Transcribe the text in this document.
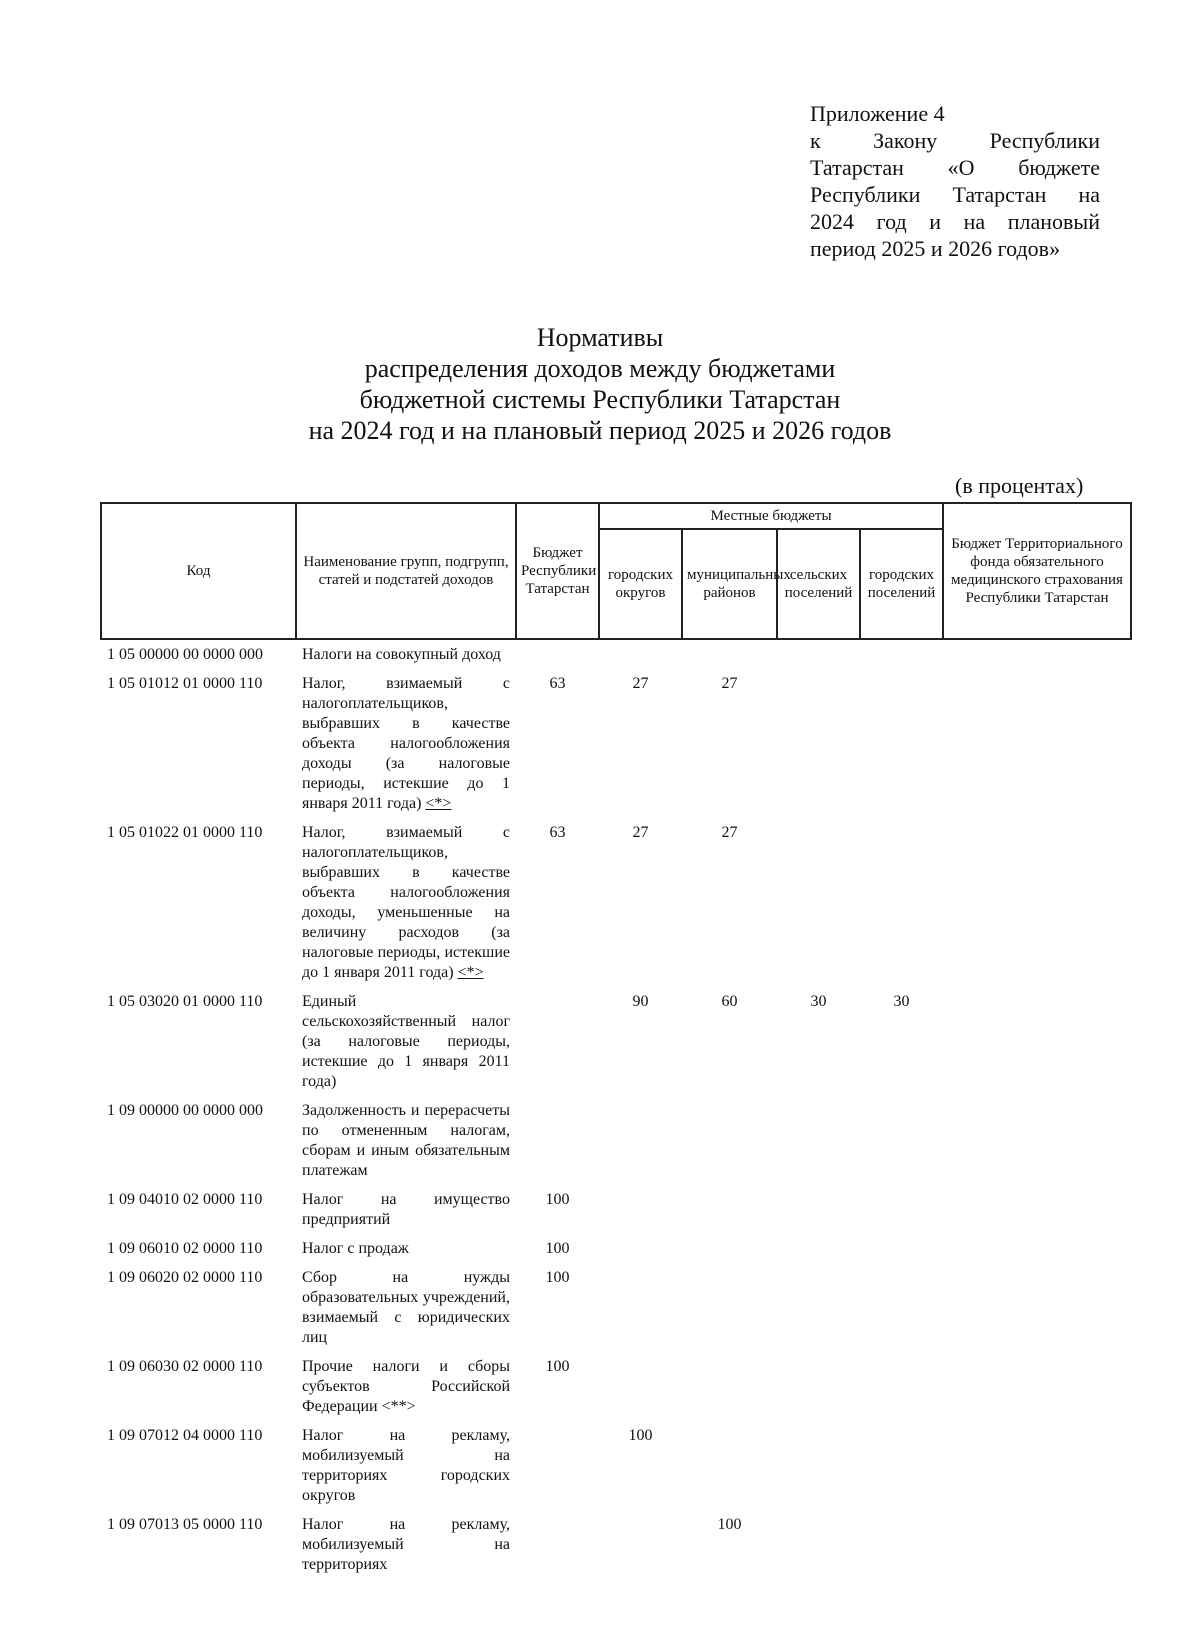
Приложение 4
к Закону Республики
Татарстан «О бюджете
Республики Татарстан на
2024 год и на плановый
период 2025 и 2026 годов»
Нормативы
распределения доходов между бюджетами
бюджетной системы Республики Татарстан
на 2024 год и на плановый период 2025 и 2026 годов
(в процентах)
Код	Наименование групп, подгрупп, статей и подстатей доходов	Бюджет Республики Татарстан	Местные бюджеты				Бюджет Территориального фонда обязательного медицинского страхования Республики Татарстан
			городских округов	муниципальных районов	сельских поселений	городских поселений	
1 05 00000 00 0000 000	Налоги на совокупный доход						
1 05 01012 01 0000 110	Налог, взимаемый с налогоплательщиков, выбравших в качестве объекта налогообложения доходы (за налоговые периоды, истекшие до 1 января 2011 года) <*>	63	27	27			
1 05 01022 01 0000 110	Налог, взимаемый с налогоплательщиков, выбравших в качестве объекта налогообложения доходы, уменьшенные на величину расходов (за налоговые периоды, истекшие до 1 января 2011 года) <*>	63	27	27			
1 05 03020 01 0000 110	Единый сельскохозяйственный налог (за налоговые периоды, истекшие до 1 января 2011 года)		90	60	30	30	
1 09 00000 00 0000 000	Задолженность и перерасчеты по отмененным налогам, сборам и иным обязательным платежам						
1 09 04010 02 0000 110	Налог на имущество предприятий	100					
1 09 06010 02 0000 110	Налог с продаж	100					
1 09 06020 02 0000 110	Сбор на нужды образовательных учреждений, взимаемый с юридических лиц	100					
1 09 06030 02 0000 110	Прочие налоги и сборы субъектов Российской Федерации <**>	100					
1 09 07012 04 0000 110	Налог на рекламу, мобилизуемый на территориях городских округов		100				
1 09 07013 05 0000 110	Налог на рекламу, мобилизуемый на территориях			100			
